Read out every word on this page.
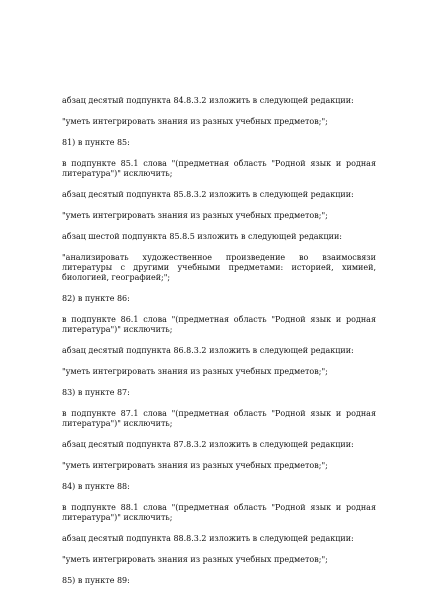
абзац десятый подпункта 84.8.3.2 изложить в следующей редакции:

"уметь интегрировать знания из разных учебных предметов;";

81) в пункте 85:

в подпункте 85.1 слова "(предметная область "Родной язык и родная литература")" исключить;

абзац десятый подпункта 85.8.3.2 изложить в следующей редакции:

"уметь интегрировать знания из разных учебных предметов;";

абзац шестой подпункта 85.8.5 изложить в следующей редакции:

"анализировать художественное произведение во взаимосвязи литературы с другими учебными предметами: историей, химией, биологией, географией;";

82) в пункте 86:

в подпункте 86.1 слова "(предметная область "Родной язык и родная литература")" исключить;

абзац десятый подпункта 86.8.3.2 изложить в следующей редакции:

"уметь интегрировать знания из разных учебных предметов;";

83) в пункте 87:

в подпункте 87.1 слова "(предметная область "Родной язык и родная литература")" исключить;

абзац десятый подпункта 87.8.3.2 изложить в следующей редакции:

"уметь интегрировать знания из разных учебных предметов;";

84) в пункте 88:

в подпункте 88.1 слова "(предметная область "Родной язык и родная литература")" исключить;

абзац десятый подпункта 88.8.3.2 изложить в следующей редакции:

"уметь интегрировать знания из разных учебных предметов;";

85) в пункте 89:
